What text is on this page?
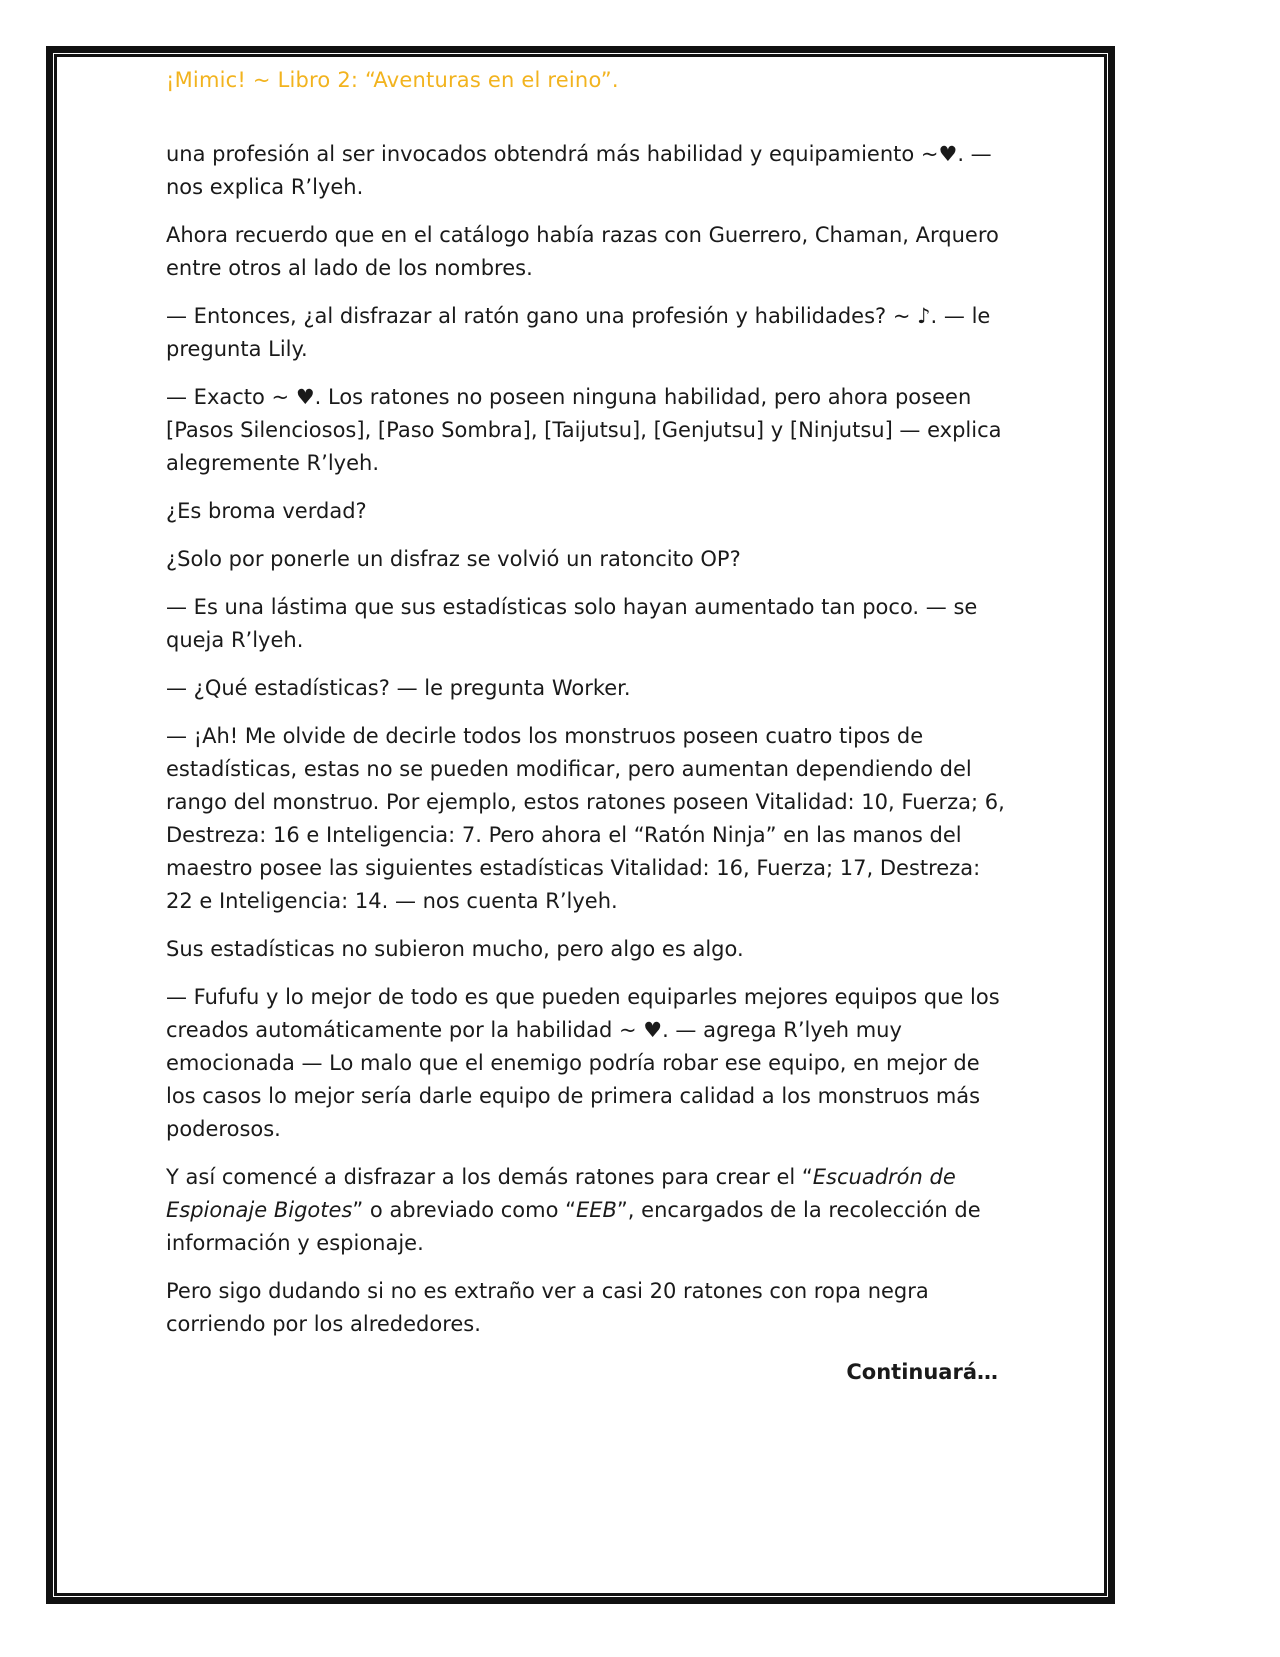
¡Mimic! ~ Libro 2: “Aventuras en el reino”.

una profesión al ser invocados obtendrá más habilidad y equipamiento ~♥. — nos explica R’lyeh.

Ahora recuerdo que en el catálogo había razas con Guerrero, Chaman, Arquero entre otros al lado de los nombres.

— Entonces, ¿al disfrazar al ratón gano una profesión y habilidades? ~ ♪. — le pregunta Lily.

— Exacto ~ ♥. Los ratones no poseen ninguna habilidad, pero ahora poseen [Pasos Silenciosos], [Paso Sombra], [Taijutsu], [Genjutsu] y [Ninjutsu] — explica alegremente R’lyeh.

¿Es broma verdad?

¿Solo por ponerle un disfraz se volvió un ratoncito OP?

— Es una lástima que sus estadísticas solo hayan aumentado tan poco. — se queja R’lyeh.

— ¿Qué estadísticas? — le pregunta Worker.

— ¡Ah! Me olvide de decirle todos los monstruos poseen cuatro tipos de estadísticas, estas no se pueden modificar, pero aumentan dependiendo del rango del monstruo. Por ejemplo, estos ratones poseen Vitalidad: 10, Fuerza; 6, Destreza: 16 e Inteligencia: 7. Pero ahora el “Ratón Ninja” en las manos del maestro posee las siguientes estadísticas Vitalidad: 16, Fuerza; 17, Destreza: 22 e Inteligencia: 14. — nos cuenta R’lyeh.

Sus estadísticas no subieron mucho, pero algo es algo.

— Fufufu y lo mejor de todo es que pueden equiparles mejores equipos que los creados automáticamente por la habilidad ~ ♥. — agrega R’lyeh muy emocionada — Lo malo que el enemigo podría robar ese equipo, en mejor de los casos lo mejor sería darle equipo de primera calidad a los monstruos más poderosos.

Y así comencé a disfrazar a los demás ratones para crear el “Escuadrón de Espionaje Bigotes” o abreviado como “EEB”, encargados de la recolección de información y espionaje.

Pero sigo dudando si no es extraño ver a casi 20 ratones con ropa negra corriendo por los alrededores.

Continuará…
